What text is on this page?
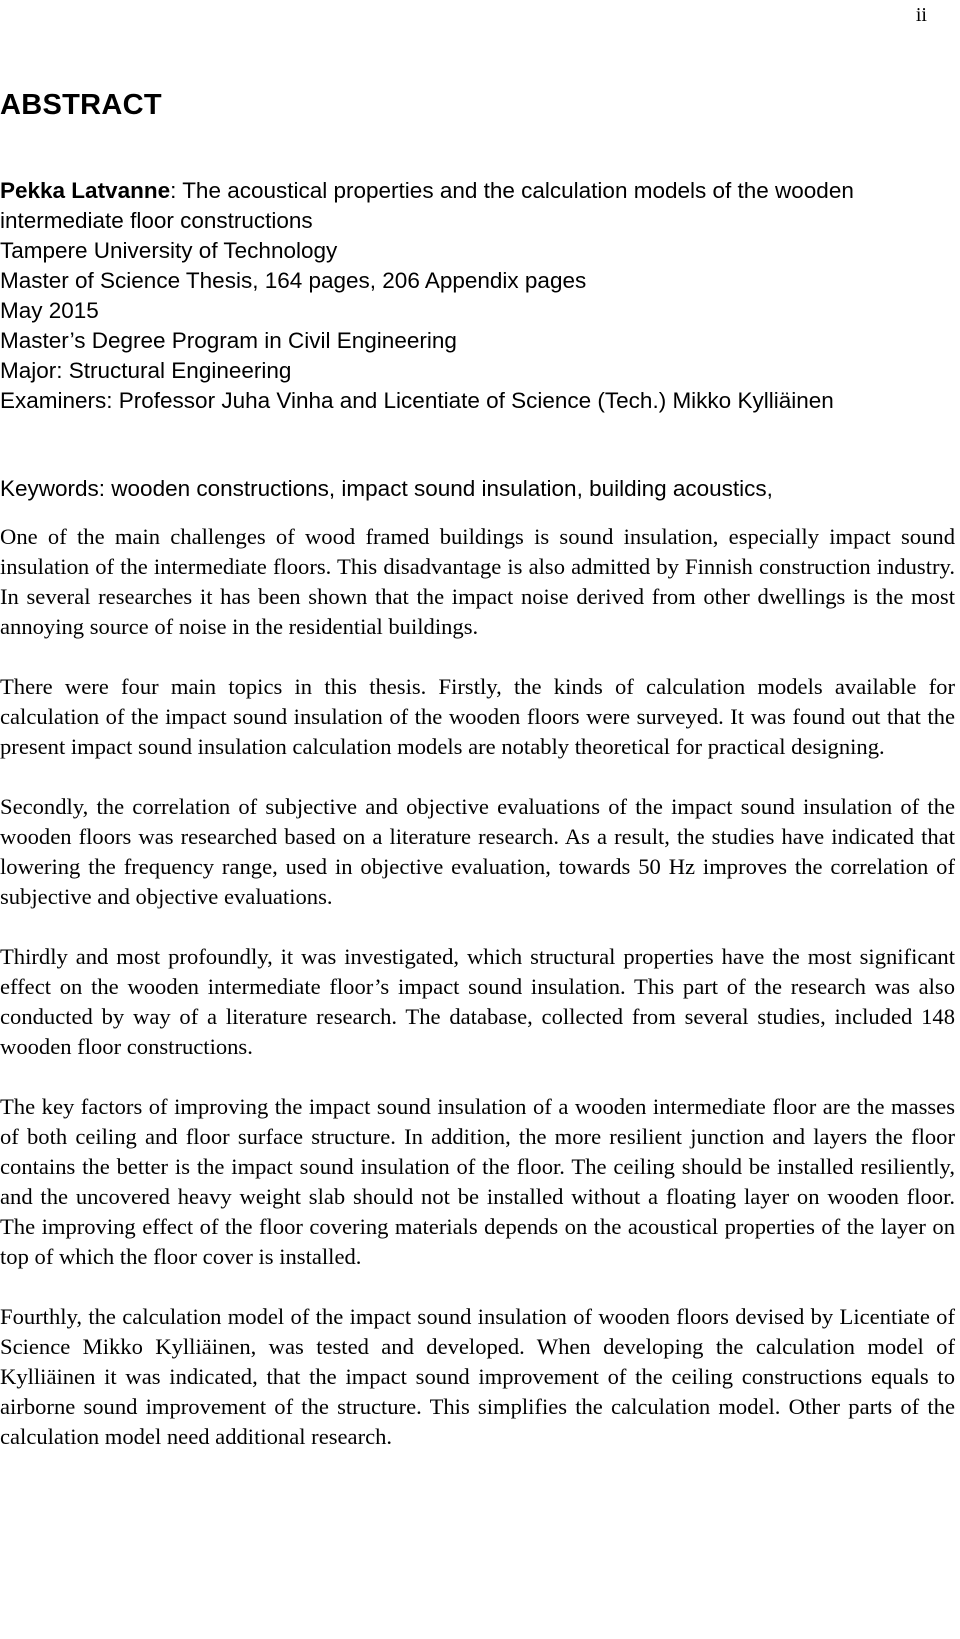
ii
ABSTRACT
Pekka Latvanne: The acoustical properties and the calculation models of the wooden intermediate floor constructions
Tampere University of Technology
Master of Science Thesis, 164 pages, 206 Appendix pages
May 2015
Master’s Degree Program in Civil Engineering
Major: Structural Engineering
Examiners: Professor Juha Vinha and Licentiate of Science (Tech.) Mikko Kylliäinen
Keywords: wooden constructions, impact sound insulation, building acoustics,

One of the main challenges of wood framed buildings is sound insulation, especially impact sound insulation of the intermediate floors. This disadvantage is also admitted by Finnish construction industry. In several researches it has been shown that the impact noise derived from other dwellings is the most annoying source of noise in the residential buildings.

There were four main topics in this thesis. Firstly, the kinds of calculation models available for calculation of the impact sound insulation of the wooden floors were surveyed. It was found out that the present impact sound insulation calculation models are notably theoretical for practical designing.

Secondly, the correlation of subjective and objective evaluations of the impact sound insulation of the wooden floors was researched based on a literature research. As a result, the studies have indicated that lowering the frequency range, used in objective evaluation, towards 50 Hz improves the correlation of subjective and objective evaluations.

Thirdly and most profoundly, it was investigated, which structural properties have the most significant effect on the wooden intermediate floor’s impact sound insulation. This part of the research was also conducted by way of a literature research. The database, collected from several studies, included 148 wooden floor constructions.

The key factors of improving the impact sound insulation of a wooden intermediate floor are the masses of both ceiling and floor surface structure. In addition, the more resilient junction and layers the floor contains the better is the impact sound insulation of the floor. The ceiling should be installed resiliently, and the uncovered heavy weight slab should not be installed without a floating layer on wooden floor. The improving effect of the floor covering materials depends on the acoustical properties of the layer on top of which the floor cover is installed.

Fourthly, the calculation model of the impact sound insulation of wooden floors devised by Licentiate of Science Mikko Kylliäinen, was tested and developed. When developing the calculation model of Kylliäinen it was indicated, that the impact sound improvement of the ceiling constructions equals to airborne sound improvement of the structure. This simplifies the calculation model. Other parts of the calculation model need additional research.
